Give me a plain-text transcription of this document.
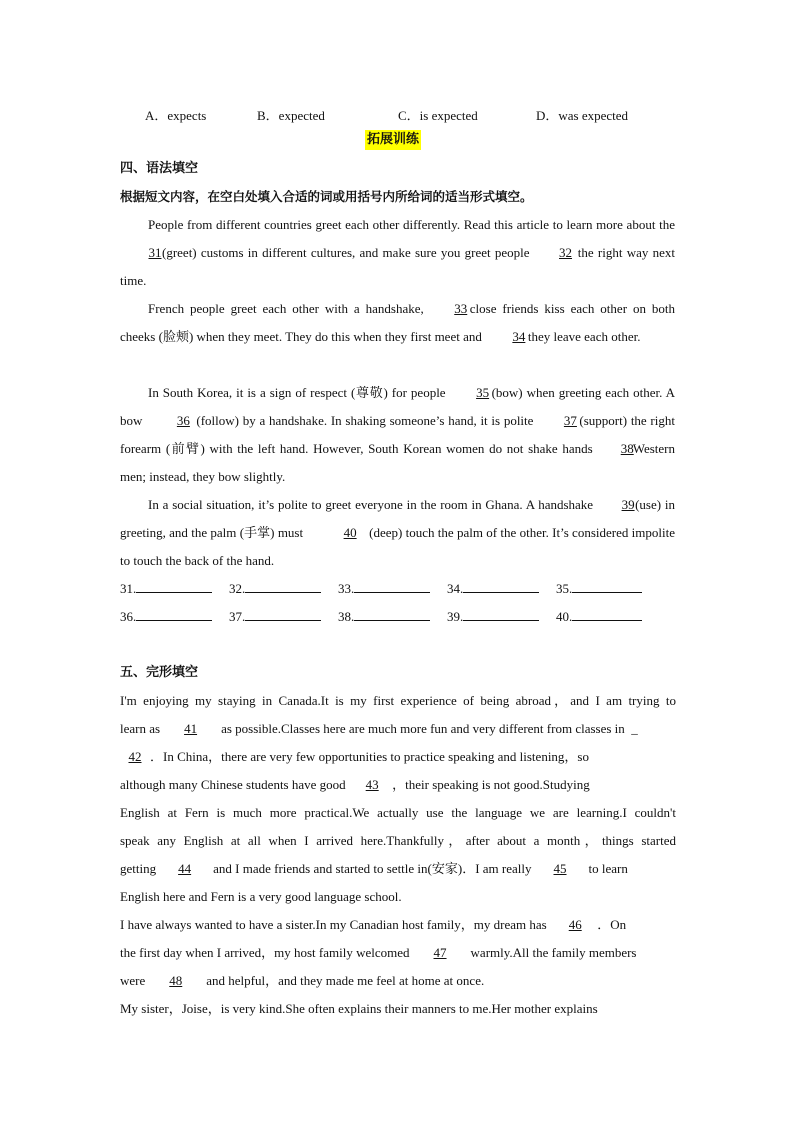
A．expects	B．expected	C．is expected	D．was expected
拓展训练
四、语法填空
根据短文内容，在空白处填入合适的词或用括号内所给词的适当形式填空。
People from different countries greet each other differently. Read this article to learn more about the 31(greet) customs in different cultures, and make sure you greet people 32 the right way next time.
French people greet each other with a handshake, 33 close friends kiss each other on both cheeks (脸颊) when they meet. They do this when they first meet and 34 they leave each other.
In South Korea, it is a sign of respect (尊敬) for people 35 (bow) when greeting each other. A bow	36 (follow) by a handshake. In shaking someone’s hand, it is polite 37 (support) the right forearm (前臂) with the left hand. However, South Korean women do not shake hands 38Western men; instead, they bow slightly.
In a social situation, it’s polite to greet everyone in the room in Ghana. A handshake 39(use) in greeting, and the palm (手掌) must	40 (deep) touch the palm of the other. It’s considered impolite to touch the back of the hand.
31.	32.	33.	34.	35.
36.	37.	38.	39.	40.
五、完形填空
I'm enjoying my staying in Canada.It is my first experience of being abroad，and I am trying to
learn as 41 as possible.Classes here are much more fun and very different from classes in _
42 ．In China，there are very few opportunities to practice speaking and listening，so
although many Chinese students have good 43 ，their speaking is not good.Studying
English at Fern is much more practical.We actually use the language we are learning.I couldn't
speak any English at all when I arrived here.Thankfully，after about a month，things started
getting 44 and I made friends and started to settle in(安家)．I am really 45 to learn
English here and Fern is a very good language school.
I have always wanted to have a sister.In my Canadian host family，my dream has 46 ．On
the first day when I arrived，my host family welcomed 47 warmly.All the family members
were 48 and helpful，and they made me feel at home at once.
My sister，Joise，is very kind.She often explains their manners to me.Her mother explains
